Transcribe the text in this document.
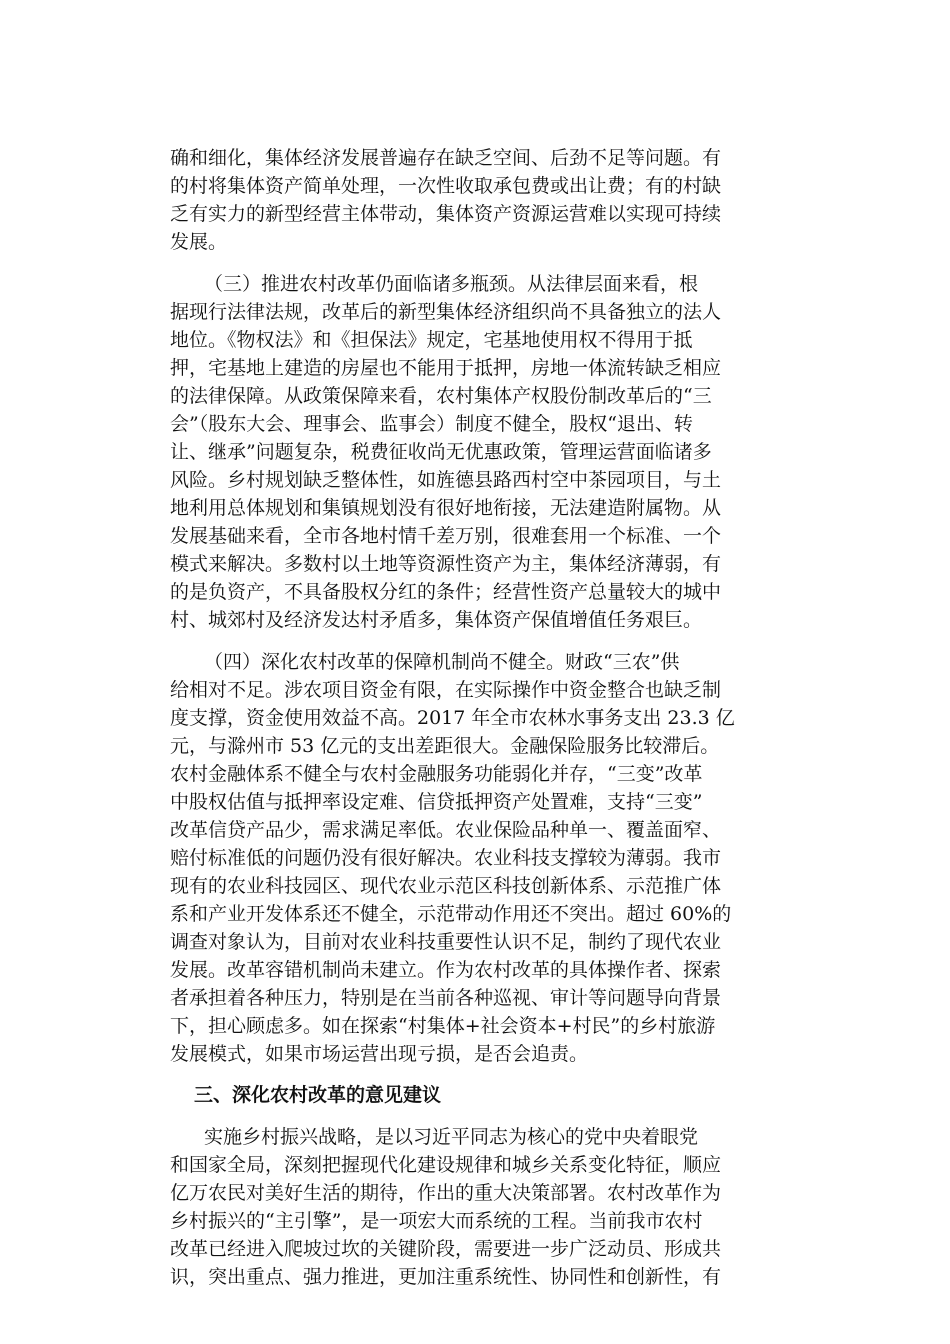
确和细化，集体经济发展普遍存在缺乏空间、后劲不足等问题。有
的村将集体资产简单处理，一次性收取承包费或出让费；有的村缺
乏有实力的新型经营主体带动，集体资产资源运营难以实现可持续
发展。
（三）推进农村改革仍面临诸多瓶颈。从法律层面来看，根
据现行法律法规，改革后的新型集体经济组织尚不具备独立的法人
地位。《物权法》和《担保法》规定，宅基地使用权不得用于抵
押，宅基地上建造的房屋也不能用于抵押，房地一体流转缺乏相应
的法律保障。从政策保障来看，农村集体产权股份制改革后的“三
会”（股东大会、理事会、监事会）制度不健全，股权“退出、转
让、继承”问题复杂，税费征收尚无优惠政策，管理运营面临诸多
风险。乡村规划缺乏整体性，如旌德县路西村空中茶园项目，与土
地利用总体规划和集镇规划没有很好地衔接，无法建造附属物。从
发展基础来看，全市各地村情千差万别，很难套用一个标准、一个
模式来解决。多数村以土地等资源性资产为主，集体经济薄弱，有
的是负资产，不具备股权分红的条件；经营性资产总量较大的城中
村、城郊村及经济发达村矛盾多，集体资产保值增值任务艰巨。
（四）深化农村改革的保障机制尚不健全。财政“三农”供
给相对不足。涉农项目资金有限，在实际操作中资金整合也缺乏制
度支撑，资金使用效益不高。2017 年全市农林水事务支出 23.3 亿
元，与滁州市 53 亿元的支出差距很大。金融保险服务比较滞后。
农村金融体系不健全与农村金融服务功能弱化并存，“三变”改革
中股权估值与抵押率设定难、信贷抵押资产处置难，支持“三变”
改革信贷产品少，需求满足率低。农业保险品种单一、覆盖面窄、
赔付标准低的问题仍没有很好解决。农业科技支撑较为薄弱。我市
现有的农业科技园区、现代农业示范区科技创新体系、示范推广体
系和产业开发体系还不健全，示范带动作用还不突出。超过 60%的
调查对象认为，目前对农业科技重要性认识不足，制约了现代农业
发展。改革容错机制尚未建立。作为农村改革的具体操作者、探索
者承担着各种压力，特别是在当前各种巡视、审计等问题导向背景
下，担心顾虑多。如在探索“村集体+社会资本+村民”的乡村旅游
发展模式，如果市场运营出现亏损，是否会追责。
三、深化农村改革的意见建议
实施乡村振兴战略，是以习近平同志为核心的党中央着眼党
和国家全局，深刻把握现代化建设规律和城乡关系变化特征，顺应
亿万农民对美好生活的期待，作出的重大决策部署。农村改革作为
乡村振兴的“主引擎”，是一项宏大而系统的工程。当前我市农村
改革已经进入爬坡过坎的关键阶段，需要进一步广泛动员、形成共
识，突出重点、强力推进，更加注重系统性、协同性和创新性，有
